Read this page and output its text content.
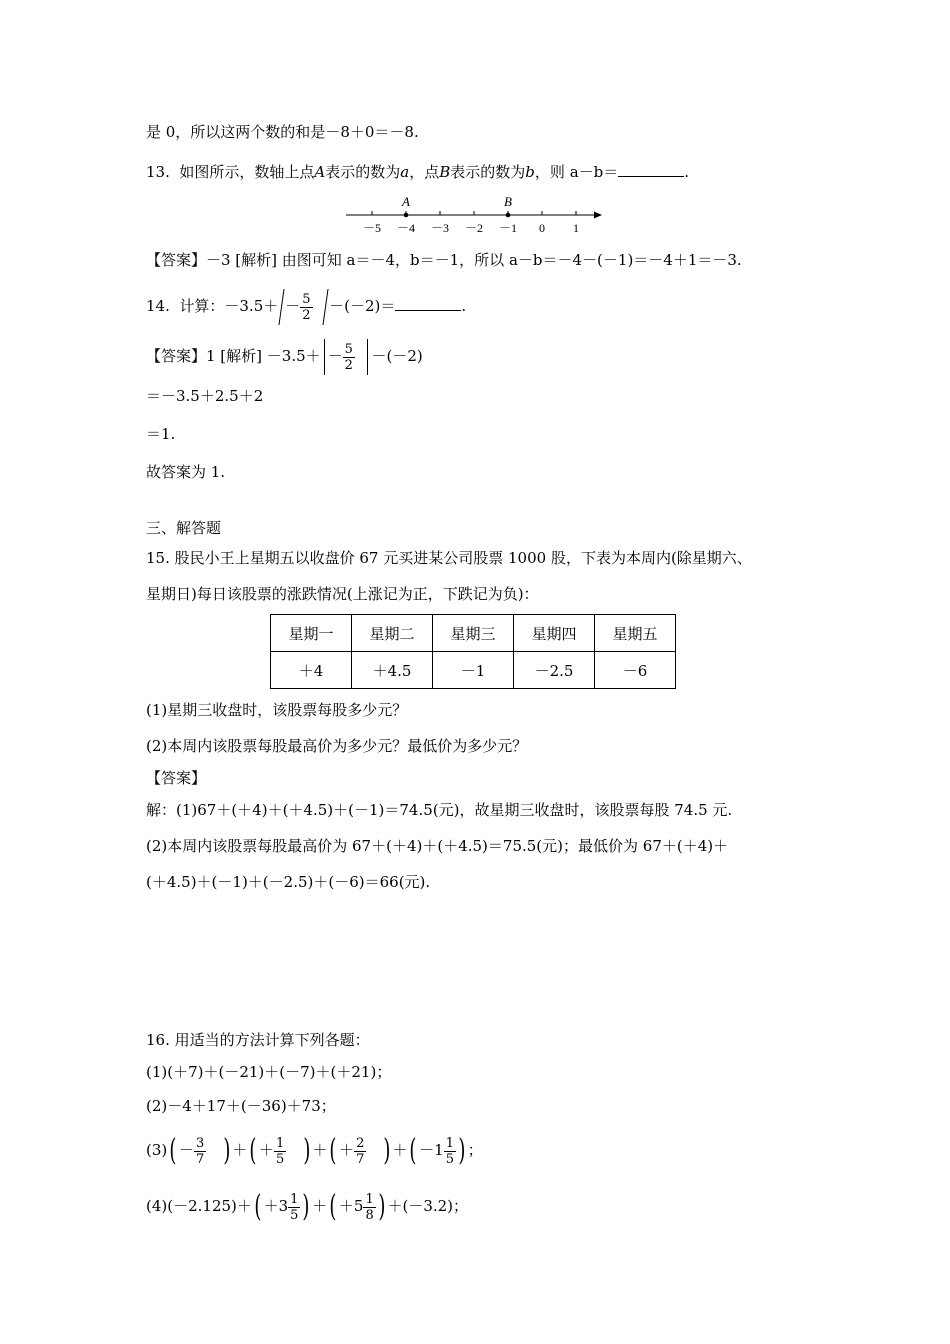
是 0，所以这两个数的和是－8＋0＝－8.
13. 如图所示，数轴上点A表示的数为a，点B表示的数为b，则 a－b＝	.
－5 －4 －3 －2 －1 0 1
A	B
【答案】－3 [解析] 由图可知 a＝－4，b＝－1，所以 a－b＝－4－(－1)＝－4＋1＝－3.
14. 计算：$-3.5+ - \frac{5}{2} -(-2)=$	.
【答案】1 [解析] $-3.5+ - \frac{5}{2} -(-2)$
＝－3.5＋2.5＋2
＝1.
故答案为 1.
三、解答题
15. 股民小王上星期五以收盘价 67 元买进某公司股票 1000 股，下表为本周内(除星期六、
星期日)每日该股票的涨跌情况(上涨记为正，下跌记为负)：
星期一	星期二	星期三	星期四	星期五
＋4	＋4.5	－1	－2.5	－6
(1)星期三收盘时，该股票每股多少元？
(2)本周内该股票每股最高价为多少元？最低价为多少元？
【答案】
解：(1)67＋(＋4)＋(＋4.5)＋(－1)＝74.5(元)，故星期三收盘时，该股票每股 74.5 元.
(2)本周内该股票每股最高价为 67＋(＋4)＋(＋4.5)＝75.5(元)；最低价为 67＋(＋4)＋
(＋4.5)＋(－1)＋(－2.5)＋(－6)＝66(元).
16. 用适当的方法计算下列各题：
(1)(＋7)＋(－21)＋(－7)＋(＋21)；
(2)－4＋17＋(－36)＋73；
$(3)( - \frac{3}{7}$ ) ＋( ＋ $\frac{1}{5}$ ) ＋( ＋ $\frac{2}{7}$ ) ＋( $-1 \frac{1}{5}$ ) ；
$(4)(-2.125)+( +3 \frac{1}{5}$ ) ＋( $+5 \frac{1}{8}$ ) ＋(－3.2)；
